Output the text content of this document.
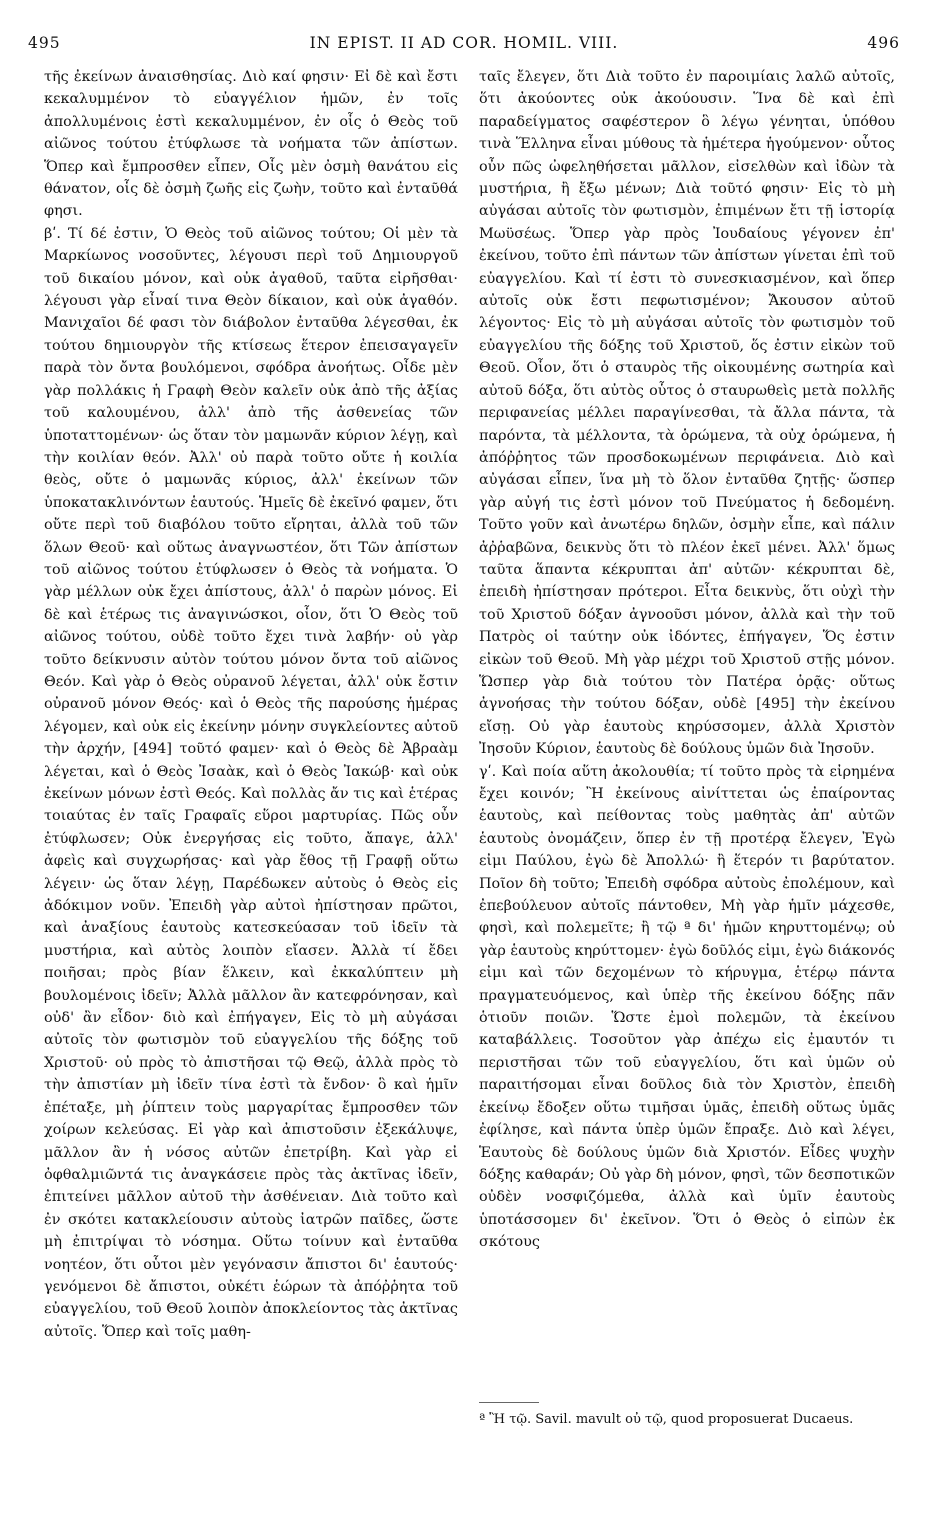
495	IN EPIST. II AD COR. HOMIL. VIII.	496

τῆς ἐκείνων ἀναισθησίας. Διὸ καί φησιν· Εἰ δὲ καὶ ἔστι κεκαλυμμένον τὸ εὐαγγέλιον ἡμῶν, ἐν τοῖς ἀπολλυμένοις ἐστὶ κεκαλυμμένον, ἐν οἷς ὁ Θεὸς τοῦ αἰῶνος τούτου ἐτύφλωσε τὰ νοήματα τῶν ἀπίστων. Ὅπερ καὶ ἔμπροσθεν εἶπεν, Οἷς μὲν ὀσμὴ θανάτου εἰς θάνατον, οἷς δὲ ὀσμὴ ζωῆς εἰς ζωὴν, τοῦτο καὶ ἐνταῦθά φησι.
βʹ. Τί δέ ἐστιν, Ὁ Θεὸς τοῦ αἰῶνος τούτου; Οἱ μὲν τὰ Μαρκίωνος νοσοῦντες, λέγουσι περὶ τοῦ Δημιουργοῦ τοῦ δικαίου μόνον, καὶ οὐκ ἀγαθοῦ, ταῦτα εἰρῆσθαι· λέγουσι γὰρ εἶναί τινα Θεὸν δίκαιον, καὶ οὐκ ἀγαθόν. Μανιχαῖοι δέ φασι τὸν διάβολον ἐνταῦθα λέγεσθαι, ἐκ τούτου δημιουργὸν τῆς κτίσεως ἕτερον ἐπεισαγαγεῖν παρὰ τὸν ὄντα βουλόμενοι, σφόδρα ἀνοήτως. Οἶδε μὲν γὰρ πολλάκις ἡ Γραφὴ Θεὸν καλεῖν οὐκ ἀπὸ τῆς ἀξίας τοῦ καλουμένου, ἀλλ' ἀπὸ τῆς ἀσθενείας τῶν ὑποταττομένων· ὡς ὅταν τὸν μαμωνᾶν κύριον λέγῃ, καὶ τὴν κοιλίαν θεόν. Ἀλλ' οὐ παρὰ τοῦτο οὔτε ἡ κοιλία θεὸς, οὔτε ὁ μαμωνᾶς κύριος, ἀλλ' ἐκείνων τῶν ὑποκατακλινόντων ἑαυτούς. Ἡμεῖς δὲ ἐκεῖνό φαμεν, ὅτι οὔτε περὶ τοῦ διαβόλου τοῦτο εἴρηται, ἀλλὰ τοῦ τῶν ὅλων Θεοῦ· καὶ οὕτως ἀναγνωστέον, ὅτι Τῶν ἀπίστων τοῦ αἰῶνος τούτου ἐτύφλωσεν ὁ Θεὸς τὰ νοήματα. Ὁ γὰρ μέλλων οὐκ ἔχει ἀπίστους, ἀλλ' ὁ παρὼν μόνος. Εἰ δὲ καὶ ἑτέρως τις ἀναγινώσκοι, οἷον, ὅτι Ὁ Θεὸς τοῦ αἰῶνος τούτου, οὐδὲ τοῦτο ἔχει τινὰ λαβήν· οὐ γὰρ τοῦτο δείκνυσιν αὐτὸν τούτου μόνον ὄντα τοῦ αἰῶνος Θεόν. Καὶ γὰρ ὁ Θεὸς οὐρανοῦ λέγεται, ἀλλ' οὐκ ἔστιν οὐρανοῦ μόνον Θεός· καὶ ὁ Θεὸς τῆς παρούσης ἡμέρας λέγομεν, καὶ οὐκ εἰς ἐκείνην μόνην συγκλείοντες αὐτοῦ τὴν ἀρχήν, [494] τοῦτό φαμεν· καὶ ὁ Θεὸς δὲ Ἀβραὰμ λέγεται, καὶ ὁ Θεὸς Ἰσαὰκ, καὶ ὁ Θεὸς Ἰακώβ· καὶ οὐκ ἐκείνων μόνων ἐστὶ Θεός. Καὶ πολλὰς ἄν τις καὶ ἑτέρας τοιαύτας ἐν ταῖς Γραφαῖς εὕροι μαρτυρίας. Πῶς οὖν ἐτύφλωσεν; Οὐκ ἐνεργήσας εἰς τοῦτο, ἄπαγε, ἀλλ' ἀφεὶς καὶ συγχωρήσας· καὶ γὰρ ἔθος τῇ Γραφῇ οὕτω λέγειν· ὡς ὅταν λέγῃ, Παρέδωκεν αὐτοὺς ὁ Θεὸς εἰς ἀδόκιμον νοῦν. Ἐπειδὴ γὰρ αὐτοὶ ἠπίστησαν πρῶτοι, καὶ ἀναξίους ἑαυτοὺς κατεσκεύασαν τοῦ ἰδεῖν τὰ μυστήρια, καὶ αὐτὸς λοιπὸν εἴασεν. Ἀλλὰ τί ἔδει ποιῆσαι; πρὸς βίαν ἕλκειν, καὶ ἐκκαλύπτειν μὴ βουλομένοις ἰδεῖν; Ἀλλὰ μᾶλλον ἂν κατεφρόνησαν, καὶ οὐδ' ἂν εἶδον· διὸ καὶ ἐπήγαγεν, Εἰς τὸ μὴ αὐγάσαι αὐτοῖς τὸν φωτισμὸν τοῦ εὐαγγελίου τῆς δόξης τοῦ Χριστοῦ· οὐ πρὸς τὸ ἀπιστῆσαι τῷ Θεῷ, ἀλλὰ πρὸς τὸ τὴν ἀπιστίαν μὴ ἰδεῖν τίνα ἐστὶ τὰ ἔνδον· ὃ καὶ ἡμῖν ἐπέταξε, μὴ ῥίπτειν τοὺς μαργαρίτας ἔμπροσθεν τῶν χοίρων κελεύσας. Εἰ γὰρ καὶ ἀπιστοῦσιν ἐξεκάλυψε, μᾶλλον ἂν ἡ νόσος αὐτῶν ἐπετρίβη. Καὶ γὰρ εἰ ὀφθαλμιῶντά τις ἀναγκάσειε πρὸς τὰς ἀκτῖνας ἰδεῖν, ἐπιτείνει μᾶλλον αὐτοῦ τὴν ἀσθένειαν. Διὰ τοῦτο καὶ ἐν σκότει κατακλείουσιν αὐτοὺς ἰατρῶν παῖδες, ὥστε μὴ ἐπιτρίψαι τὸ νόσημα. Οὕτω τοίνυν καὶ ἐνταῦθα νοητέον, ὅτι οὗτοι μὲν γεγόνασιν ἄπιστοι δι' ἑαυτούς· γενόμενοι δὲ ἄπιστοι, οὐκέτι ἑώρων τὰ ἀπόῤῥητα τοῦ εὐαγγελίου, τοῦ Θεοῦ λοιπὸν ἀποκλείοντος τὰς ἀκτῖνας αὐτοῖς. Ὅπερ καὶ τοῖς μαθη-

ταῖς ἔλεγεν, ὅτι Διὰ τοῦτο ἐν παροιμίαις λαλῶ αὐτοῖς, ὅτι ἀκούοντες οὐκ ἀκούουσιν. Ἵνα δὲ καὶ ἐπὶ παραδείγματος σαφέστερον ὃ λέγω γένηται, ὑπόθου τινὰ Ἕλληνα εἶναι μύθους τὰ ἡμέτερα ἡγούμενον· οὗτος οὖν πῶς ὠφεληθήσεται μᾶλλον, εἰσελθὼν καὶ ἰδὼν τὰ μυστήρια, ἢ ἔξω μένων; Διὰ τοῦτό φησιν· Εἰς τὸ μὴ αὐγάσαι αὐτοῖς τὸν φωτισμὸν, ἐπιμένων ἔτι τῇ ἱστορίᾳ Μωϋσέως. Ὅπερ γὰρ πρὸς Ἰουδαίους γέγονεν ἐπ' ἐκείνου, τοῦτο ἐπὶ πάντων τῶν ἀπίστων γίνεται ἐπὶ τοῦ εὐαγγελίου. Καὶ τί ἐστι τὸ συνεσκιασμένον, καὶ ὅπερ αὐτοῖς οὐκ ἔστι πεφωτισμένον; Ἄκουσον αὐτοῦ λέγοντος· Εἰς τὸ μὴ αὐγάσαι αὐτοῖς τὸν φωτισμὸν τοῦ εὐαγγελίου τῆς δόξης τοῦ Χριστοῦ, ὅς ἐστιν εἰκὼν τοῦ Θεοῦ. Οἷον, ὅτι ὁ σταυρὸς τῆς οἰκουμένης σωτηρία καὶ αὐτοῦ δόξα, ὅτι αὐτὸς οὗτος ὁ σταυρωθεὶς μετὰ πολλῆς περιφανείας μέλλει παραγίνεσθαι, τὰ ἄλλα πάντα, τὰ παρόντα, τὰ μέλλοντα, τὰ ὁρώμενα, τὰ οὐχ ὁρώμενα, ἡ ἀπόῤῥητος τῶν προσδοκωμένων περιφάνεια. Διὸ καὶ αὐγάσαι εἶπεν, ἵνα μὴ τὸ ὅλον ἐνταῦθα ζητῇς· ὥσπερ γὰρ αὐγή τις ἐστὶ μόνον τοῦ Πνεύματος ἡ δεδομένη. Τοῦτο γοῦν καὶ ἀνωτέρω δηλῶν, ὀσμὴν εἶπε, καὶ πάλιν ἀῤῥαβῶνα, δεικνὺς ὅτι τὸ πλέον ἐκεῖ μένει. Ἀλλ' ὅμως ταῦτα ἅπαντα κέκρυπται ἀπ' αὐτῶν· κέκρυπται δὲ, ἐπειδὴ ἠπίστησαν πρότεροι. Εἶτα δεικνὺς, ὅτι οὐχὶ τὴν τοῦ Χριστοῦ δόξαν ἀγνοοῦσι μόνον, ἀλλὰ καὶ τὴν τοῦ Πατρὸς οἱ ταύτην οὐκ ἰδόντες, ἐπήγαγεν, Ὅς ἐστιν εἰκὼν τοῦ Θεοῦ. Μὴ γὰρ μέχρι τοῦ Χριστοῦ στῇς μόνον. Ὥσπερ γὰρ διὰ τούτου τὸν Πατέρα ὁρᾷς· οὕτως ἀγνοήσας τὴν τούτου δόξαν, οὐδὲ [495] τὴν ἐκείνου εἴσῃ. Οὐ γὰρ ἑαυτοὺς κηρύσσομεν, ἀλλὰ Χριστὸν Ἰησοῦν Κύριον, ἑαυτοὺς δὲ δούλους ὑμῶν διὰ Ἰησοῦν.
γʹ. Καὶ ποία αὕτη ἀκολουθία; τί τοῦτο πρὸς τὰ εἰρημένα ἔχει κοινόν; Ἢ ἐκείνους αἰνίττεται ὡς ἐπαίροντας ἑαυτοὺς, καὶ πείθοντας τοὺς μαθητὰς ἀπ' αὐτῶν ἑαυτοὺς ὀνομάζειν, ὅπερ ἐν τῇ προτέρᾳ ἔλεγεν, Ἐγὼ εἰμι Παύλου, ἐγὼ δὲ Ἀπολλώ· ἢ ἕτερόν τι βαρύτατον. Ποῖον δὴ τοῦτο; Ἐπειδὴ σφόδρα αὐτοὺς ἐπολέμουν, καὶ ἐπεβούλευον αὐτοῖς πάντοθεν, Μὴ γὰρ ἡμῖν μάχεσθε, φησὶ, καὶ πολεμεῖτε; ἢ τῷ ª δι' ἡμῶν κηρυττομένῳ; οὐ γὰρ ἑαυτοὺς κηρύττομεν· ἐγὼ δοῦλός εἰμι, ἐγὼ διάκονός εἰμι καὶ τῶν δεχομένων τὸ κήρυγμα, ἑτέρῳ πάντα πραγματευόμενος, καὶ ὑπὲρ τῆς ἐκείνου δόξης πᾶν ὁτιοῦν ποιῶν. Ὥστε ἐμοὶ πολεμῶν, τὰ ἐκείνου καταβάλλεις. Τοσοῦτον γὰρ ἀπέχω εἰς ἐμαυτόν τι περιστῆσαι τῶν τοῦ εὐαγγελίου, ὅτι καὶ ὑμῶν οὐ παραιτήσομαι εἶναι δοῦλος διὰ τὸν Χριστὸν, ἐπειδὴ ἐκείνῳ ἔδοξεν οὕτω τιμῆσαι ὑμᾶς, ἐπειδὴ οὕτως ὑμᾶς ἐφίλησε, καὶ πάντα ὑπὲρ ὑμῶν ἔπραξε. Διὸ καὶ λέγει, Ἑαυτοὺς δὲ δούλους ὑμῶν διὰ Χριστόν. Εἶδες ψυχὴν δόξης καθαράν; Οὐ γὰρ δὴ μόνον, φησὶ, τῶν δεσποτικῶν οὐδὲν νοσφιζόμεθα, ἀλλὰ καὶ ὑμῖν ἑαυτοὺς ὑποτάσσομεν δι' ἐκεῖνον. Ὅτι ὁ Θεὸς ὁ εἰπὼν ἐκ σκότους

ª Ἢ τῷ. Savil. mavult οὐ τῷ, quod proposuerat Ducaeus.
